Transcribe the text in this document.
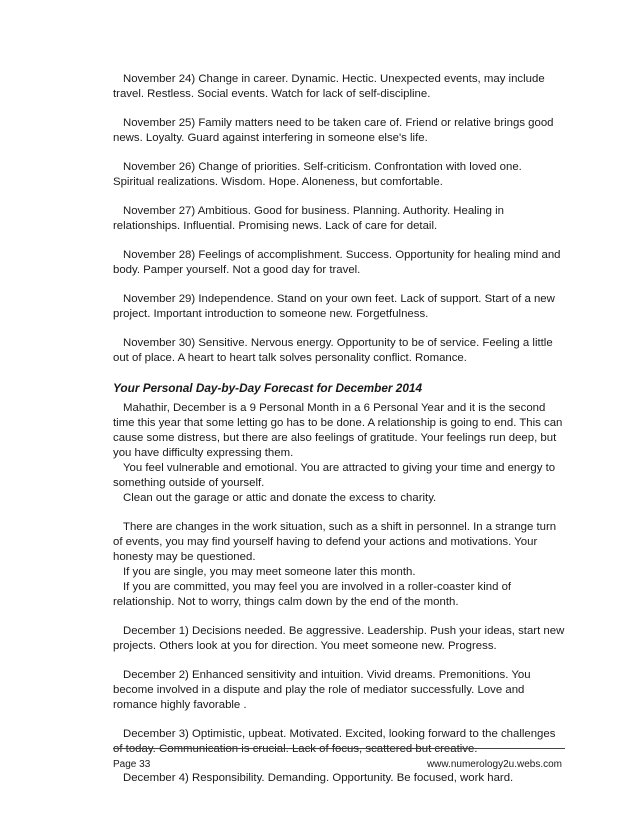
November 24) Change in career. Dynamic. Hectic. Unexpected events, may include travel. Restless. Social events. Watch for lack of self-discipline.

November 25) Family matters need to be taken care of. Friend or relative brings good news. Loyalty. Guard against interfering in someone else's life.

November 26) Change of priorities. Self-criticism. Confrontation with loved one. Spiritual realizations. Wisdom. Hope. Aloneness, but comfortable.

November 27) Ambitious. Good for business. Planning. Authority. Healing in relationships. Influential. Promising news. Lack of care for detail.

November 28) Feelings of accomplishment. Success. Opportunity for healing mind and body. Pamper yourself. Not a good day for travel.

November 29) Independence. Stand on your own feet. Lack of support. Start of a new project. Important introduction to someone new. Forgetfulness.

November 30) Sensitive. Nervous energy. Opportunity to be of service. Feeling a little out of place. A heart to heart talk solves personality conflict. Romance.

Your Personal Day-by-Day Forecast for December 2014

Mahathir, December is a 9 Personal Month in a 6 Personal Year and it is the second time this year that some letting go has to be done. A relationship is going to end. This can cause some distress, but there are also feelings of gratitude. Your feelings run deep, but you have difficulty expressing them.

You feel vulnerable and emotional. You are attracted to giving your time and energy to something outside of yourself.

Clean out the garage or attic and donate the excess to charity.

There are changes in the work situation, such as a shift in personnel. In a strange turn of events, you may find yourself having to defend your actions and motivations. Your honesty may be questioned.

If you are single, you may meet someone later this month.

If you are committed, you may feel you are involved in a roller-coaster kind of relationship. Not to worry, things calm down by the end of the month.

December 1) Decisions needed. Be aggressive. Leadership. Push your ideas, start new projects. Others look at you for direction. You meet someone new. Progress.

December 2) Enhanced sensitivity and intuition. Vivid dreams. Premonitions. You become involved in a dispute and play the role of mediator successfully. Love and romance highly favorable .

December 3) Optimistic, upbeat. Motivated. Excited, looking forward to the challenges of today. Communication is crucial. Lack of focus, scattered but creative.

December 4) Responsibility. Demanding. Opportunity. Be focused, work hard.

Page 33	www.numerology2u.webs.com
